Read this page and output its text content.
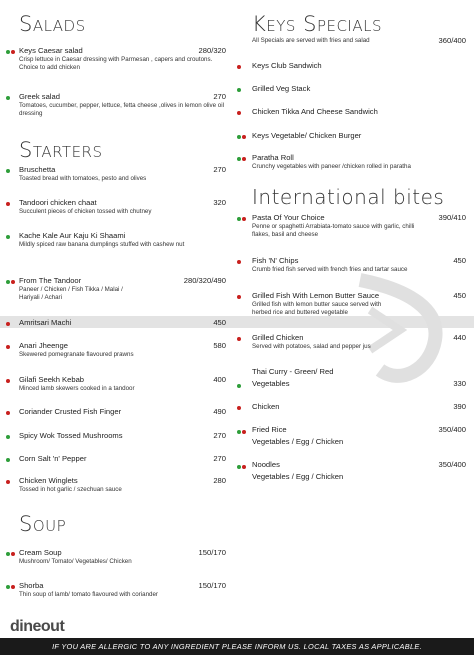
Salads
Keys Caesar salad	280/320
Crisp lettuce in Caesar dressing with Parmesan , capers and croutons. Choice to add chicken
Greek salad	270
Tomatoes, cucumber, pepper, lettuce, fetta cheese ,olives in lemon olive oil dressing
Starters
Bruschetta	270
Toasted bread with tomatoes, pesto and olives
Tandoori chicken chaat	320
Succulent pieces of chicken tossed with chutney
Kache Kale Aur Kaju Ki Shaami
Mildly spiced raw banana dumplings stuffed with cashew nut
From The Tandoor	280/320/490
Paneer / Chicken / Fish Tikka / Malai / Hariyali / Achari
Amritsari Machi	450
Anari Jheenge	580
Skewered pomegranate flavoured prawns
Gilafi Seekh Kebab	400
Minced lamb skewers cooked in a tandoor
Coriander Crusted Fish Finger	490
Spicy Wok Tossed Mushrooms	270
Corn Salt 'n' Pepper	270
Chicken Winglets	280
Tossed in hot garlic / szechuan sauce
Soup
Cream Soup	150/170
Mushroom/ Tomato/ Vegetables/ Chicken
Shorba	150/170
Thin soup of lamb/ tomato flavoured with coriander
Keys Specials
All Specials are served with fries and salad	360/400
Keys Club Sandwich
Grilled Veg Stack
Chicken Tikka And Cheese Sandwich
Keys Vegetable/ Chicken Burger
Paratha Roll
Crunchy vegetables with paneer /chicken rolled in paratha
International bites
Pasta Of Your Choice	390/410
Penne or spaghetti Arrabiata-tomato sauce with garlic, chilli flakes, basil and cheese
Fish 'N' Chips	450
Crumb fried fish served with french fries and tartar sauce
Grilled Fish With Lemon Butter Sauce	450
Grilled fish with lemon butter sauce served with herbed rice and buttered vegetable
Grilled Chicken	440
Served with potatoes, salad and pepper jus
Thai Curry - Green/ Red
Vegetables	330
Chicken	390
Fried Rice	350/400
Vegetables / Egg / Chicken
Noodles	350/400
Vegetables / Egg / Chicken
dineout
IF YOU ARE ALLERGIC TO ANY INGREDIENT PLEASE INFORM US. LOCAL TAXES AS APPLICABLE.
